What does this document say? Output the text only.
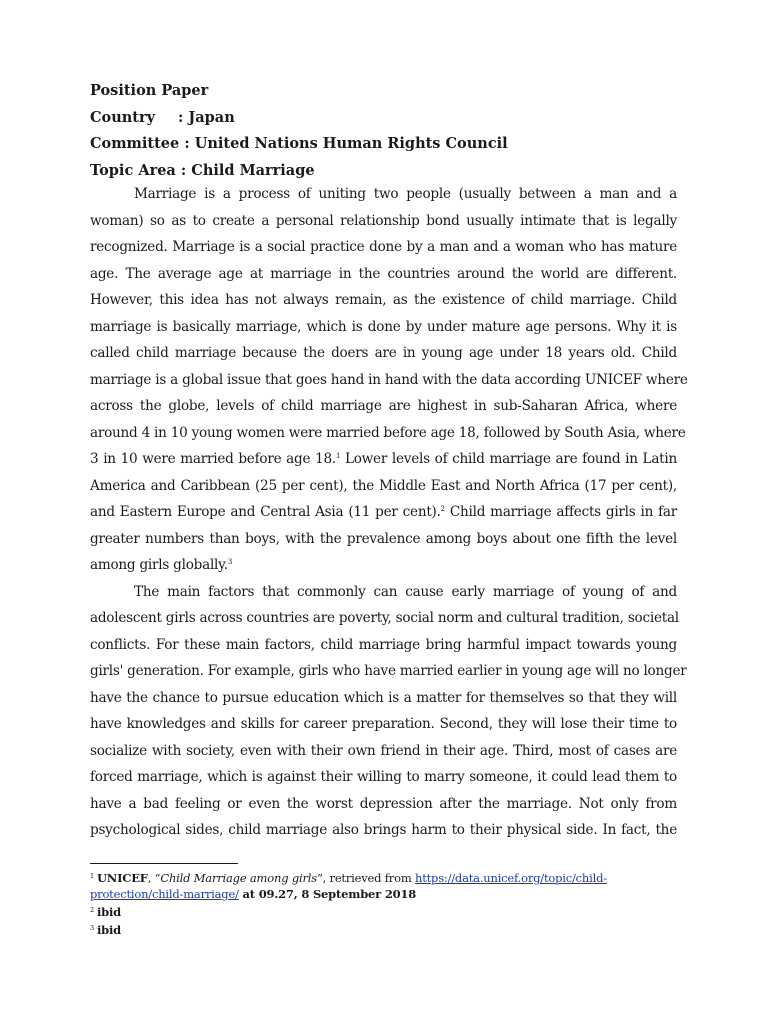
Position Paper
Country : Japan
Committee : United Nations Human Rights Council
Topic Area : Child Marriage
Marriage is a process of uniting two people (usually between a man and a
woman) so as to create a personal relationship bond usually intimate that is legally
recognized. Marriage is a social practice done by a man and a woman who has mature
age. The average age at marriage in the countries around the world are different.
However, this idea has not always remain, as the existence of child marriage. Child
marriage is basically marriage, which is done by under mature age persons. Why it is
called child marriage because the doers are in young age under 18 years old. Child
marriage is a global issue that goes hand in hand with the data according UNICEF where
across the globe, levels of child marriage are highest in sub-Saharan Africa, where
around 4 in 10 young women were married before age 18, followed by South Asia, where
3 in 10 were married before age 18.$^1$ Lower levels of child marriage are found in Latin
America and Caribbean (25 per cent), the Middle East and North Africa (17 per cent),
and Eastern Europe and Central Asia (11 per cent).$^2$ Child marriage affects girls in far
greater numbers than boys, with the prevalence among boys about one fifth the level
among girls globally.$^3$
The main factors that commonly can cause early marriage of young of and
adolescent girls across countries are poverty, social norm and cultural tradition, societal
conflicts. For these main factors, child marriage bring harmful impact towards young
girls' generation. For example, girls who have married earlier in young age will no longer
have the chance to pursue education which is a matter for themselves so that they will
have knowledges and skills for career preparation. Second, they will lose their time to
socialize with society, even with their own friend in their age. Third, most of cases are
forced marriage, which is against their willing to marry someone, it could lead them to
have a bad feeling or even the worst depression after the marriage. Not only from
psychological sides, child marriage also brings harm to their physical side. In fact, the
$^1$ UNICEF, “Child Marriage among girls”, retrieved from https://data.unicef.org/topic/child-
protection/child-marriage/ at 09.27, 8 September 2018
$^2$ ibid
$^3$ ibid
